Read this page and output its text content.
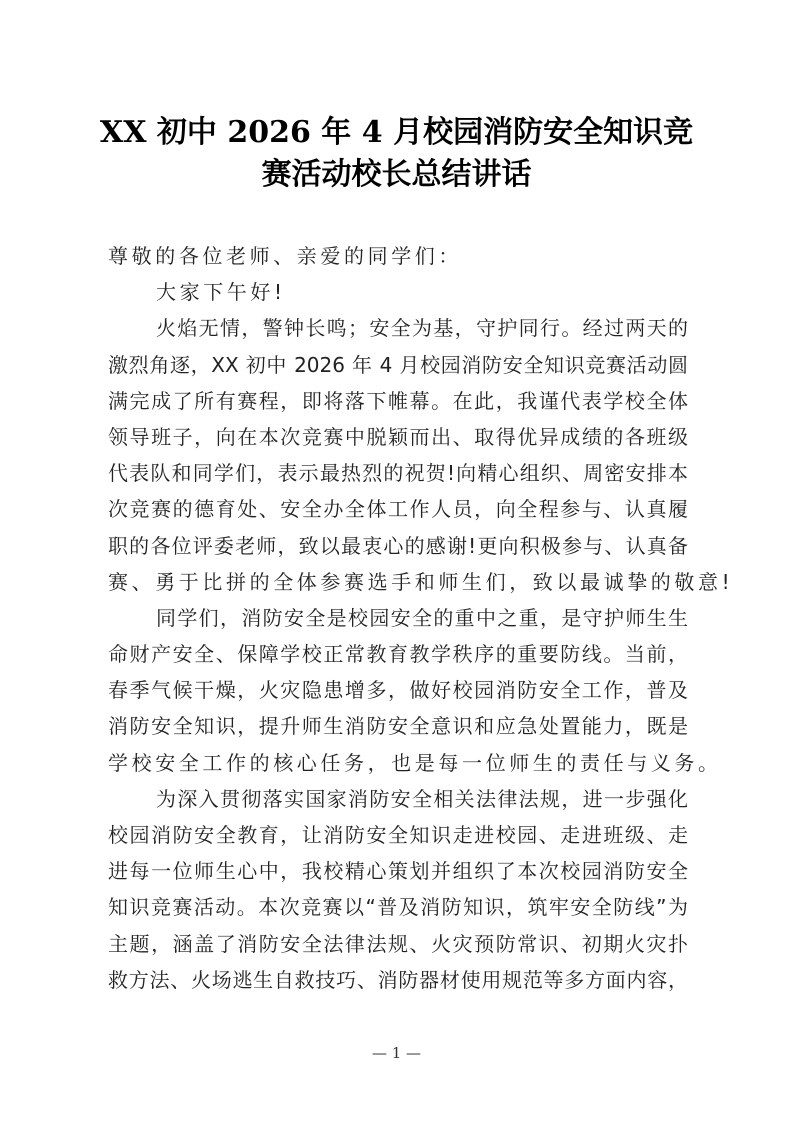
XX 初中 2026 年 4 月校园消防安全知识竞
赛活动校长总结讲话
尊敬的各位老师、亲爱的同学们：
大家下午好!
火焰无情，警钟长鸣；安全为基，守护同行。经过两天的
激烈角逐，XX 初中 2026 年 4 月校园消防安全知识竞赛活动圆
满完成了所有赛程，即将落下帷幕。在此，我谨代表学校全体
领导班子，向在本次竞赛中脱颖而出、取得优异成绩的各班级
代表队和同学们，表示最热烈的祝贺!向精心组织、周密安排本
次竞赛的德育处、安全办全体工作人员，向全程参与、认真履
职的各位评委老师，致以最衷心的感谢!更向积极参与、认真备
赛、勇于比拼的全体参赛选手和师生们，致以最诚挚的敬意!
同学们，消防安全是校园安全的重中之重，是守护师生生
命财产安全、保障学校正常教育教学秩序的重要防线。当前，
春季气候干燥，火灾隐患增多，做好校园消防安全工作，普及
消防安全知识，提升师生消防安全意识和应急处置能力，既是
学校安全工作的核心任务，也是每一位师生的责任与义务。
为深入贯彻落实国家消防安全相关法律法规，进一步强化
校园消防安全教育，让消防安全知识走进校园、走进班级、走
进每一位师生心中，我校精心策划并组织了本次校园消防安全
知识竞赛活动。本次竞赛以“普及消防知识，筑牢安全防线”为
主题，涵盖了消防安全法律法规、火灾预防常识、初期火灾扑
救方法、火场逃生自救技巧、消防器材使用规范等多方面内容，
— 1 —
